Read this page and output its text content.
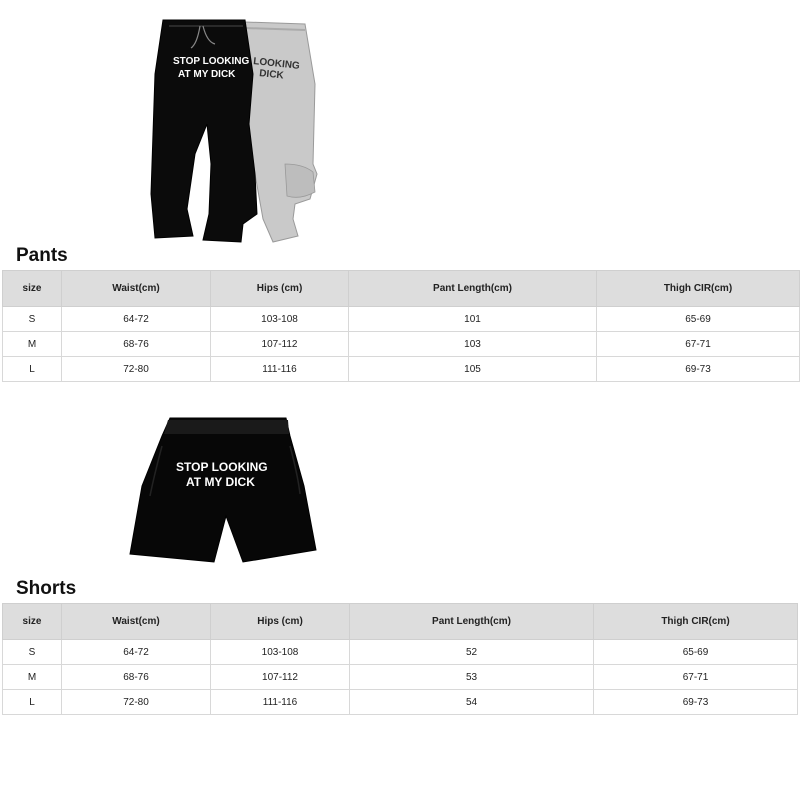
LOOKING
DICK
STOP LOOKING
AT MY DICK
Pants
size	Waist(cm)	Hips (cm)	Pant Length(cm)	Thigh CIR(cm)
S	64-72	103-108	101	65-69
M	68-76	107-112	103	67-71
L	72-80	111-116	105	69-73
STOP LOOKING
AT MY DICK
Shorts
size	Waist(cm)	Hips (cm)	Pant Length(cm)	Thigh CIR(cm)
S	64-72	103-108	52	65-69
M	68-76	107-112	53	67-71
L	72-80	111-116	54	69-73
